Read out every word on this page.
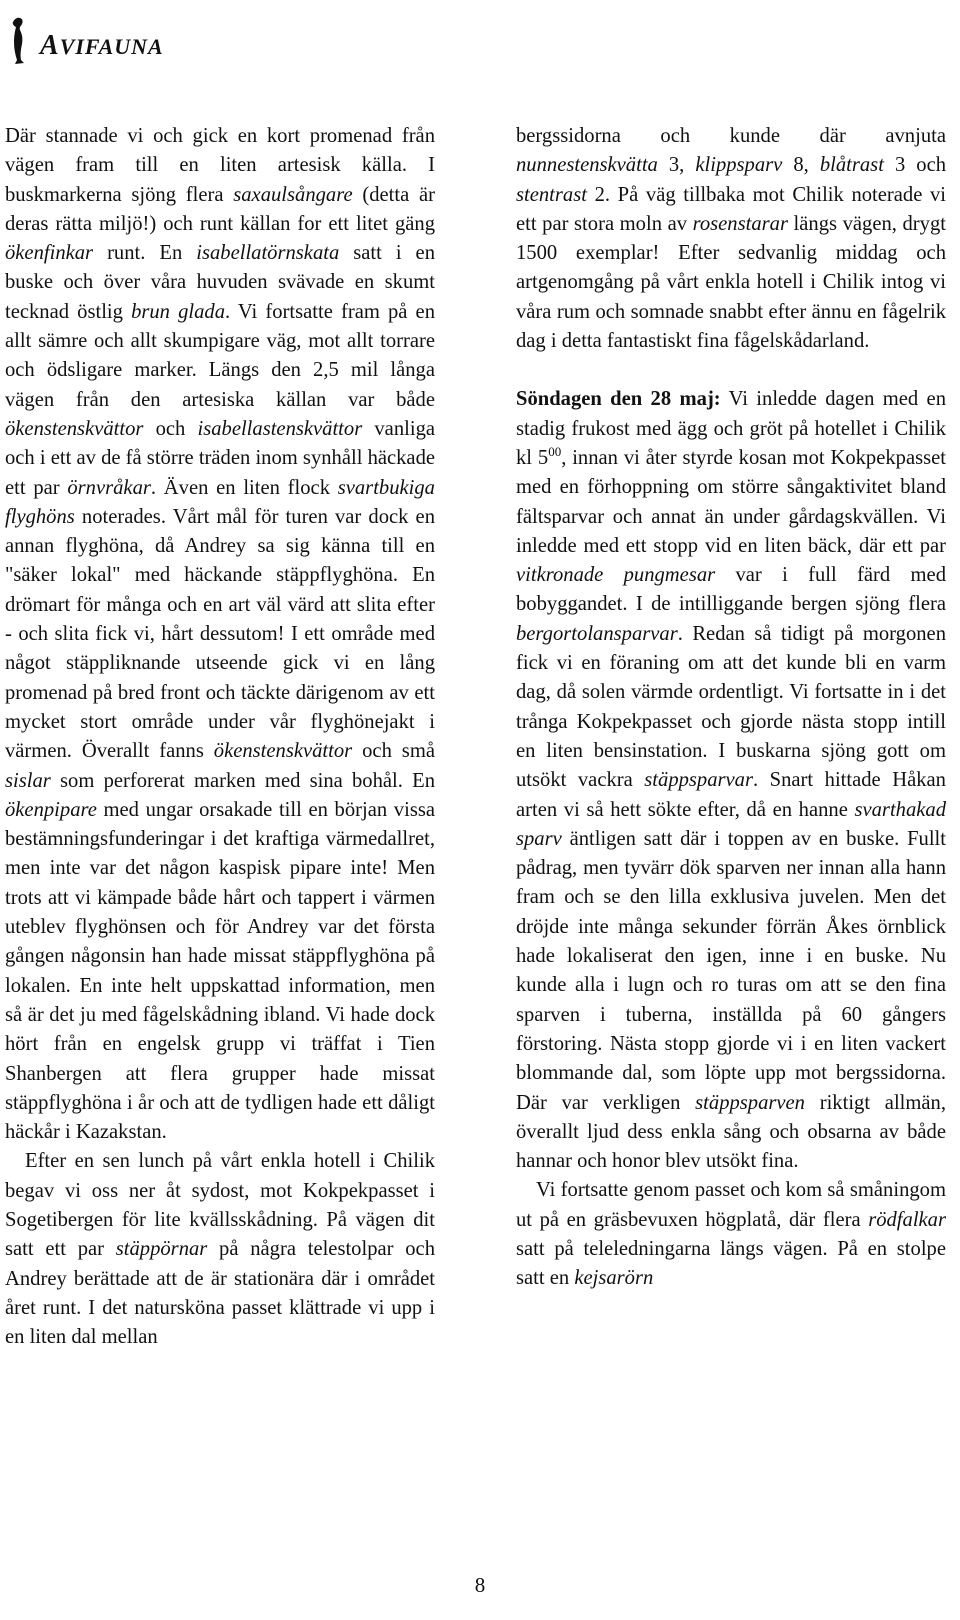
AVIFAUNA

Där stannade vi och gick en kort promenad från vägen fram till en liten artesisk källa. I buskmarkerna sjöng flera saxaulsångare (detta är deras rätta miljö!) och runt källan for ett litet gäng ökenfinkar runt. En isabellatörnskata satt i en buske och över våra huvuden svävade en skumt tecknad östlig brun glada. Vi fortsatte fram på en allt sämre och allt skumpigare väg, mot allt torrare och ödsligare marker. Längs den 2,5 mil långa vägen från den artesiska källan var både ökenstenskvättor och isabellastenskvättor vanliga och i ett av de få större träden inom synhåll häckade ett par örnvråkar. Även en liten flock svartbukiga flyghöns noterades. Vårt mål för turen var dock en annan flyghöna, då Andrey sa sig känna till en "säker lokal" med häckande stäppflyghöna. En drömart för många och en art väl värd att slita efter - och slita fick vi, hårt dessutom! I ett område med något stäppliknande utseende gick vi en lång promenad på bred front och täckte därigenom av ett mycket stort område under vår flyghönejakt i värmen. Överallt fanns ökenstenskvättor och små sislar som perforerat marken med sina bohål. En ökenpipare med ungar orsakade till en början vissa bestämningsfunderingar i det kraftiga värmedallret, men inte var det någon kaspisk pipare inte! Men trots att vi kämpade både hårt och tappert i värmen uteblev flyghönsen och för Andrey var det första gången någonsin han hade missat stäppflyghöna på lokalen. En inte helt uppskattad information, men så är det ju med fågelskådning ibland. Vi hade dock hört från en engelsk grupp vi träffat i Tien Shanbergen att flera grupper hade missat stäppflyghöna i år och att de tydligen hade ett dåligt häckår i Kazakstan.

Efter en sen lunch på vårt enkla hotell i Chilik begav vi oss ner åt sydost, mot Kokpekpasset i Sogetibergen för lite kvällsskådning. På vägen dit satt ett par stäppörnar på några telestolpar och Andrey berättade att de är stationära där i området året runt. I det natursköna passet klättrade vi upp i en liten dal mellan

bergssidorna och kunde där avnjuta nunnestenskvätta 3, klippsparv 8, blåtrast 3 och stentrast 2. På väg tillbaka mot Chilik noterade vi ett par stora moln av rosenstarar längs vägen, drygt 1500 exemplar! Efter sedvanlig middag och artgenomgång på vårt enkla hotell i Chilik intog vi våra rum och somnade snabbt efter ännu en fågelrik dag i detta fantastiskt fina fågelskådarland.

Söndagen den 28 maj: Vi inledde dagen med en stadig frukost med ägg och gröt på hotellet i Chilik kl $5^{00}$, innan vi åter styrde kosan mot Kokpekpasset med en förhoppning om större sångaktivitet bland fältsparvar och annat än under gårdagskvällen. Vi inledde med ett stopp vid en liten bäck, där ett par vitkronade pungmesar var i full färd med bobyggandet. I de intilliggande bergen sjöng flera bergortolansparvar. Redan så tidigt på morgonen fick vi en föraning om att det kunde bli en varm dag, då solen värmde ordentligt. Vi fortsatte in i det trånga Kokpekpasset och gjorde nästa stopp intill en liten bensinstation. I buskarna sjöng gott om utsökt vackra stäppsparvar. Snart hittade Håkan arten vi så hett sökte efter, då en hanne svarthakad sparv äntligen satt där i toppen av en buske. Fullt pådrag, men tyvärr dök sparven ner innan alla hann fram och se den lilla exklusiva juvelen. Men det dröjde inte många sekunder förrän Åkes örnblick hade lokaliserat den igen, inne i en buske. Nu kunde alla i lugn och ro turas om att se den fina sparven i tuberna, inställda på 60 gångers förstoring. Nästa stopp gjorde vi i en liten vackert blommande dal, som löpte upp mot bergssidorna. Där var verkligen stäppsparven riktigt allmän, överallt ljud dess enkla sång och obsarna av både hannar och honor blev utsökt fina.

Vi fortsatte genom passet och kom så småningom ut på en gräsbevuxen högplatå, där flera rödfalkar satt på teleledningarna längs vägen. På en stolpe satt en kejsarörn

8
